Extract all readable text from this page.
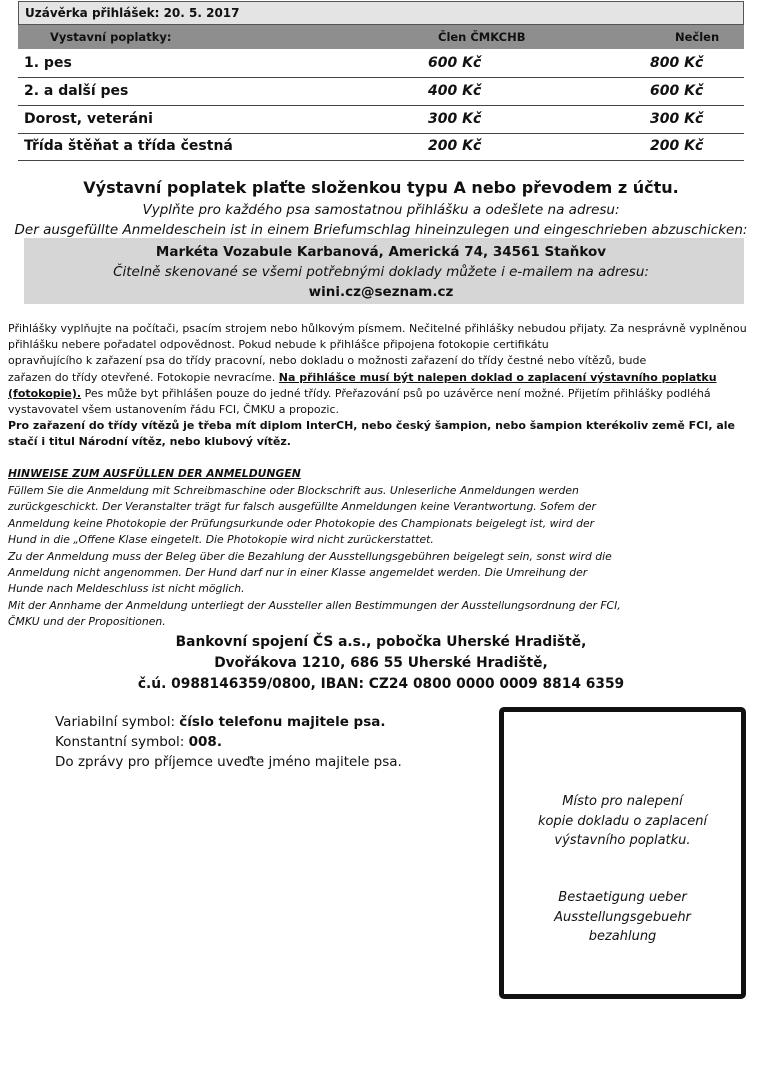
Uzávěrka přihlášek: 20. 5. 2017
Vystavní poplatky:	Člen ČMKCHB	Nečlen
1. pes	600 Kč	800 Kč
2. a další pes	400 Kč	600 Kč
Dorost, veteráni	300 Kč	300 Kč
Třída štěňat a třída čestná	200 Kč	200 Kč
Výstavní poplatek plaťte složenkou typu A nebo převodem z účtu.
Vyplňte pro každého psa samostatnou přihlášku a odešlete na adresu:
Der ausgefüllte Anmeldeschein ist in einem Briefumschlag hineinzulegen und eingeschrieben abzuschicken:
Markéta Vozabule Karbanová, Americká 74, 34561 Staňkov
Čitelně skenované se všemi potřebnými doklady můžete i e-mailem na adresu:
wini.cz@seznam.cz
Přihlášky vyplňujte na počítači, psacím strojem nebo hůlkovým písmem. Nečitelné přihlášky nebudou přijaty. Za nesprávně vyplněnou přihlášku nebere pořadatel odpovědnost. Pokud nebude k přihlášce připojena fotokopie certifikátu
opravňujícího k zařazení psa do třídy pracovní, nebo dokladu o možnosti zařazení do třídy čestné nebo vítězů, bude
zařazen do třídy otevřené. Fotokopie nevracíme. Na přihlášce musí být nalepen doklad o zaplacení výstavního poplatku (fotokopie). Pes může byt přihlášen pouze do jedné třídy. Přeřazování psů po uzávěrce není možné. Přijetím přihlášky podléhá vystavovatel všem ustanovením řádu FCI, ČMKU a propozic.
Pro zařazení do třídy vítězů je třeba mít diplom InterCH, nebo český šampion, nebo šampion kterékoliv země FCI, ale stačí i titul Národní vítěz, nebo klubový vítěz.
HINWEISE ZUM AUSFÜLLEN DER ANMELDUNGEN
Füllem Sie die Anmeldung mit Schreibmaschine oder Blockschrift aus. Unleserliche Anmeldungen werden
zurückgeschickt. Der Veranstalter trägt fur falsch ausgefüllte Anmeldungen keine Verantwortung. Sofem der
Anmeldung keine Photokopie der Prüfungsurkunde oder Photokopie des Championats beigelegt ist, wird der
Hund in die „Offene Klase eingetelt. Die Photokopie wird nicht zurückerstattet.
Zu der Anmeldung muss der Beleg über die Bezahlung der Ausstellungsgebühren beigelegt sein, sonst wird die
Anmeldung nicht angenommen. Der Hund darf nur in einer Klasse angemeldet werden. Die Umreihung der
Hunde nach Meldeschluss ist nicht möglich.
Mit der Annhame der Anmeldung unterliegt der Aussteller allen Bestimmungen der Ausstellungsordnung der FCI,
ČMKU und der Propositionen.
Bankovní spojení ČS a.s., pobočka Uherské Hradiště,
Dvořákova 1210, 686 55 Uherské Hradiště,
č.ú. 0988146359/0800, IBAN: CZ24 0800 0000 0009 8814 6359
Variabilní symbol: číslo telefonu majitele psa.
Konstantní symbol: 008.
Do zprávy pro příjemce uveďte jméno majitele psa.
Místo pro nalepení
kopie dokladu o zaplacení
výstavního poplatku.
Bestaetigung ueber
Ausstellungsgebuehr
bezahlung
